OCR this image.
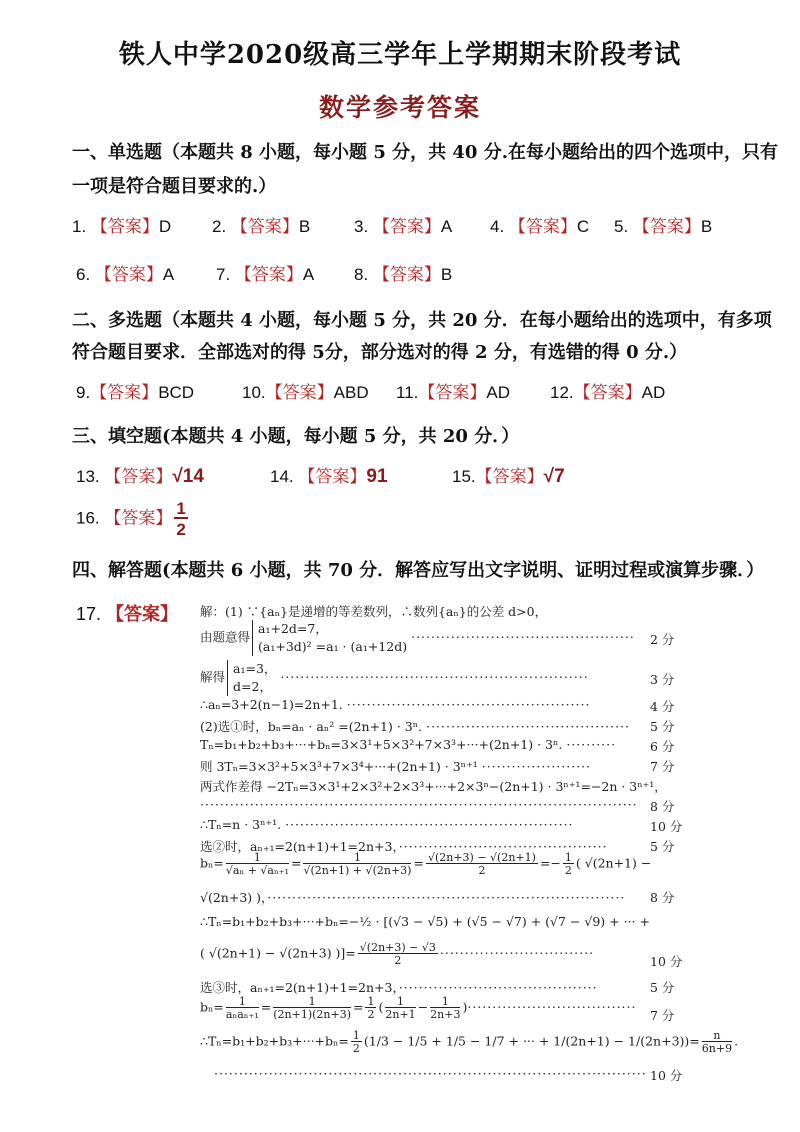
铁人中学2020级高三学年上学期期末阶段考试
数学参考答案
一、单选题（本题共 8 小题，每小题 5 分，共 40 分.在每小题给出的四个选项中，只有
一项是符合题目要求的.）
1. 【答案】D 2. 【答案】B	3. 【答案】A 4. 【答案】C 5. 【答案】B
6. 【答案】A 7. 【答案】A 8. 【答案】B
二、多选题（本题共 4 小题，每小题 5 分，共 20 分．在每小题给出的选项中，有多项
符合题目要求．全部选对的得 5分，部分选对的得 2 分，有选错的得 0 分.）
9.【答案】BCD	10.【答案】ABD 11.【答案】AD 12.【答案】AD
三、填空题(本题共 4 小题，每小题 5 分，共 20 分．）
13. 【答案】√14	14. 【答案】91	15.【答案】√7
16. 【答案】 $\frac{1}{2}$
四、解答题(本题共 6 小题，共 70 分．解答应写出文字说明、证明过程或演算步骤．）
17. 【答案】 解：(1) ∵{aₙ}是递增的等差数列，∴数列{aₙ}的公差 d>0，
由题意得
a₁+2d=7，
(a₁+3d)² =a₁ · (a₁+12d)
············································· 2 分
解得
a₁=3，
d=2，
······························································	3 分
∴aₙ=3+2(n−1)=2n+1. ·················································	4 分
(2)选①时，bₙ=aₙ · aₙ² =(2n+1) · 3ⁿ. ········································· 5 分
Tₙ=b₁+b₂+b₃+···+bₙ=3×3¹+5×3²+7×3³+···+(2n+1) · 3ⁿ. ··········	6 分
则 3Tₙ=3×3²+5×3³+7×3⁴+···+(2n+1) · 3ⁿ⁺¹ ······················	7 分
两式作差得 −2Tₙ=3×3¹+2×3²+2×3³+···+2×3ⁿ−(2n+1) · 3ⁿ⁺¹=−2n · 3ⁿ⁺¹，
························································································ 8 分
∴Tₙ=n · 3ⁿ⁺¹. ··························································	10 分
选②时，aₙ₊₁=2(n+1)+1=2n+3，··········································	5 分
$b_n= \frac{1}{\text{√aₙ + √aₙ₊₁}} = \frac{1}{√(2n+1) + √(2n+3)} = \frac{√(2n+3) - √(2n+1)}{2} =- \frac{1}{2}$ ( √(2n+1) −
√(2n+3) )，········································································ 8 分
∴Tₙ=b₁+b₂+b₃+···+bₙ=−½ · [(√3 − √5) + (√5 − √7) + (√7 − √9) + ··· +
( √(2n+1) − √(2n+3) )]= $\frac{√(2n+3) - √3}{2}$ ·······························
10 分
选③时，aₙ₊₁=2(n+1)+1=2n+3，········································	5 分
bₙ=	1
$a_na_{n+1} = \frac{1}{(2n+1)(2n+3)} = \frac{1}{2}$ ( $\frac{1}{2n+1} - \frac{1}{2n+3}$ )··································
7 分
∴Tₙ=b₁+b₂+b₃+···+bₙ= $\frac{1}{2} (1/3 - 1/5 + 1/5 - 1/7$ + ··· + $1/(2n+1) - 1/(2n+3))= \frac{n}{6n+9}$ .
······················································································· 10 分
